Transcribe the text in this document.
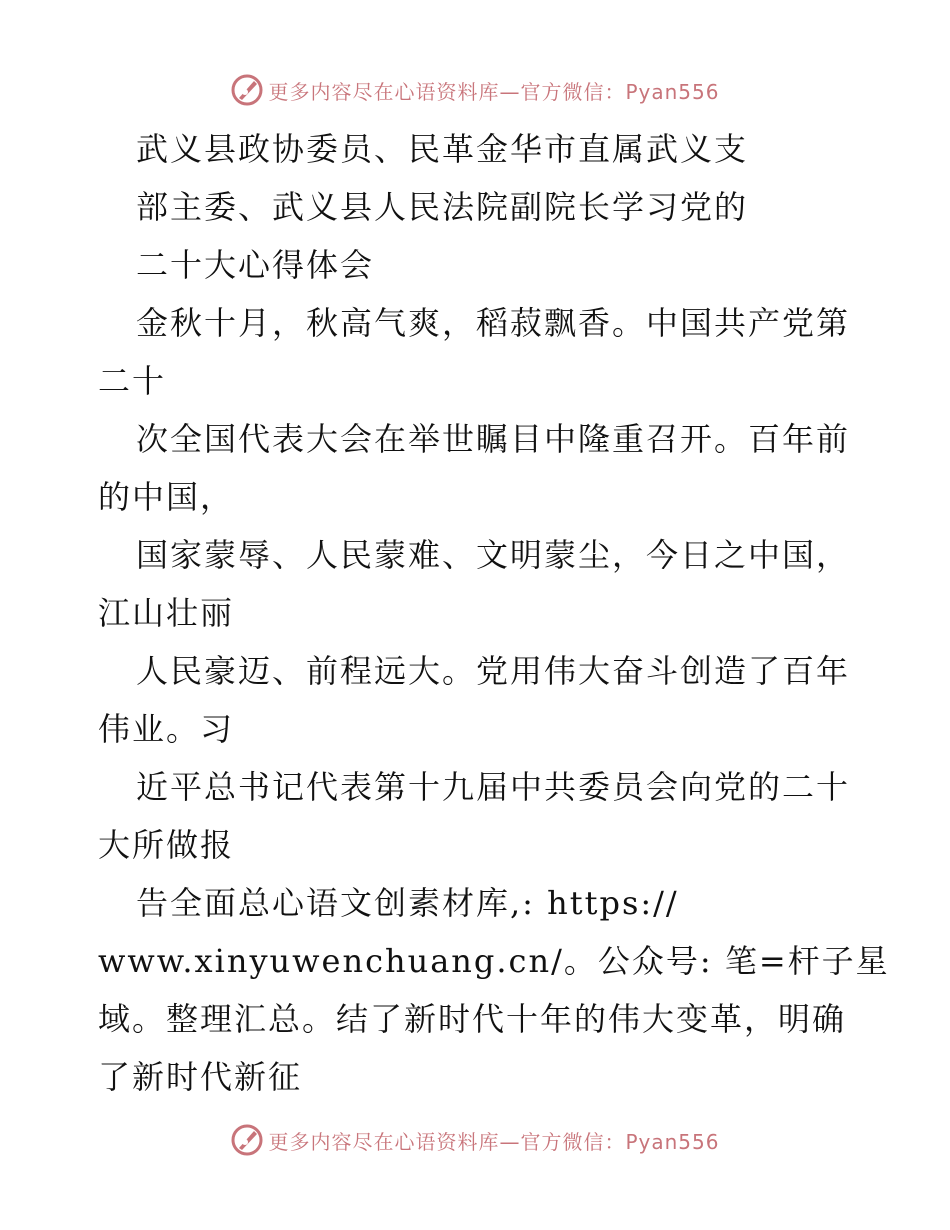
更多内容尽在心语资料库—官方微信：Pyan556
武义县政协委员、民革金华市直属武义支
部主委、武义县人民法院副院长学习党的
二十大心得体会
金秋十月，秋高气爽，稻菽飘香。中国共产党第
二十
次全国代表大会在举世瞩目中隆重召开。百年前
的中国，
国家蒙辱、人民蒙难、文明蒙尘，今日之中国，
江山壮丽
人民豪迈、前程远大。党用伟大奋斗创造了百年
伟业。习
近平总书记代表第十九届中共委员会向党的二十
大所做报
告全面总心语文创素材库,: https://
www.xinyuwenchuang.cn/。公众号: 笔=杆子星
域。整理汇总。结了新时代十年的伟大变革，明确
了新时代新征
更多内容尽在心语资料库—官方微信：Pyan556
